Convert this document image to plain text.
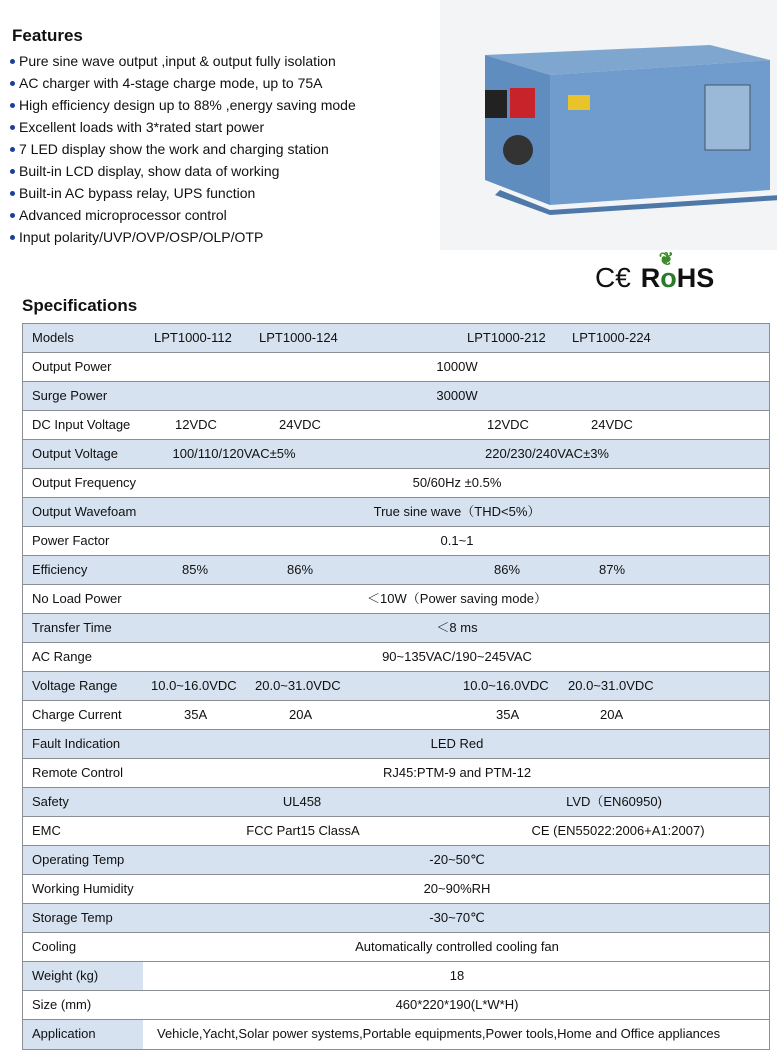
Features
Pure sine wave output ,input & output fully isolation
AC charger with 4-stage charge mode, up to 75A
High efficiency design up to 88% ,energy saving mode
Excellent loads with 3*rated start power
7 LED display show the work and charging station
Built-in LCD display, show data of working
Built-in AC bypass relay, UPS function
Advanced microprocessor control
Input polarity/UVP/OVP/OSP/OLP/OTP
C€ RoHS
❦
Specifications
Models	LPT1000-112 LPT1000-124	LPT1000-212 LPT1000-224
Output Power	1000W
Surge Power	3000W
DC Input Voltage	12VDC	24VDC	12VDC	24VDC
Output Voltage	100/110/120VAC±5%	220/230/240VAC±3%
Output Frequency	50/60Hz ±0.5%
Output Wavefoam	True sine wave（THD<5%）
Power Factor	0.1~1
Efficiency	85%	86%	86%	87%
No Load Power	＜10W（Power saving mode）
Transfer Time	＜8 ms
AC Range	90~135VAC/190~245VAC
Voltage Range	10.0~16.0VDC 20.0~31.0VDC	10.0~16.0VDC 20.0~31.0VDC
Charge Current	35A	20A	35A	20A
Fault Indication	LED Red
Remote Control	RJ45:PTM-9 and PTM-12
Safety	UL458	LVD（EN60950)
EMC	FCC Part15 ClassA	CE (EN55022:2006+A1:2007)
Operating Temp	-20~50℃
Working Humidity	20~90%RH
Storage Temp	-30~70℃
Cooling	Automatically controlled cooling fan
Weight (kg)	18
Size (mm)	460*220*190(L*W*H)
Application	Vehicle,Yacht,Solar power systems,Portable equipments,Power tools,Home and Office appliances
